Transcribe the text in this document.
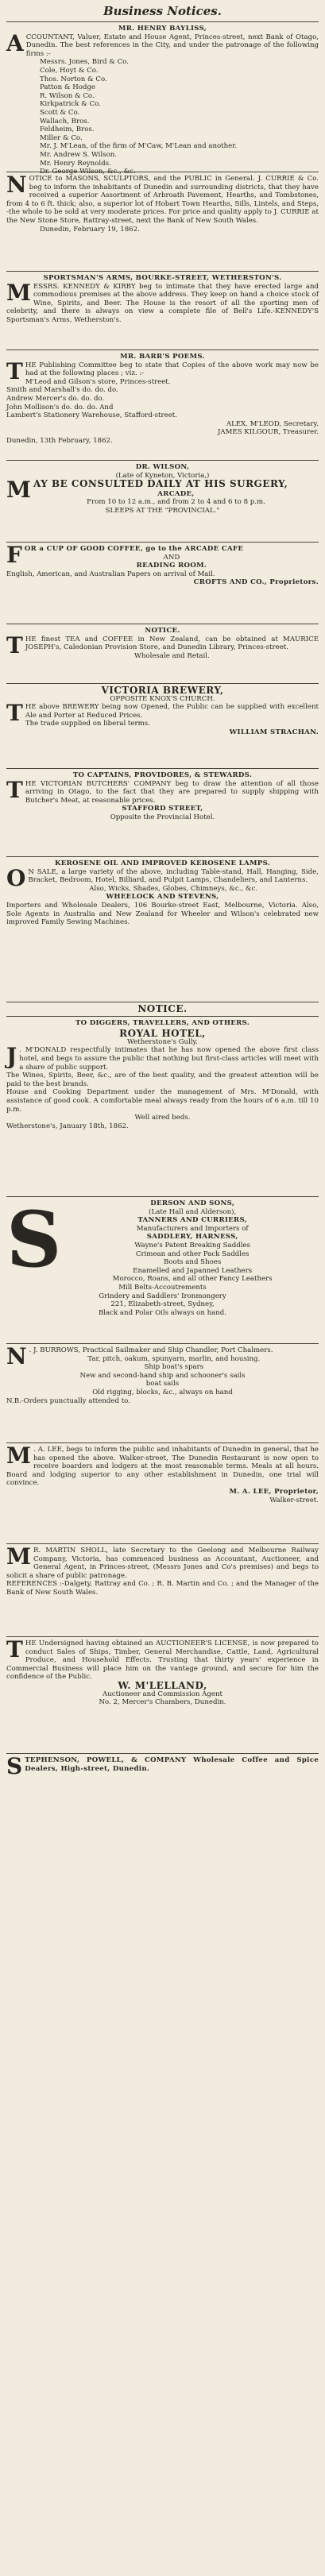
Business Notices.
MR. HENRY BAYLISS,
A CCOUNTANT, Valuer, Estate and House Agent, Princes-street, next Bank of Otago, Dunedin. The best references in the City, and under the patronage of the following firms :-
Messrs. Jones, Bird & Co.
Cole, Hoyt & Co.
Thos. Norton & Co.
Patton & Hodge
R. Wilson & Co.
Kirkpatrick & Co.
Scott & Co.
Wallach, Bros.
Feldheim, Bros.
Miller & Co.
Mr. J. M'Lean, of the firm of M'Caw, M'Lean and another.
Mr. Andrew S. Wilson.
Mr. Henry Reynolds.
Dr. George Wilson, &c., &c.
NOTICE to MASONS, SCULPTORS, and the PUBLIC in General. J. CURRIE & Co. beg to inform the inhabitants of Dunedin and surrounding districts, that they have received a superior Assortment of Arbroath Pavement, Hearths, and Tombstones, from 4 to 6 ft. thick; also, a superior lot of Hobart Town Hearths, Sills, Lintels, and Steps, -the whole to be sold at very moderate prices. For price and quality apply to J. CURRIE at the New Stone Store, Rattray-street, next the Bank of New South Wales.
Dunedin, February 19, 1862.
SPORTSMAN'S ARMS, BOURKE-STREET, WETHERSTON'S.
M ESSRS. KENNEDY & KIRBY beg to intimate that they have erected large and commodious premises at the above address. They keep on hand a choice stock of Wine, Spirits, and Beer. The House is the resort of all the sporting men of celebrity, and there is always on view a complete file of Bell's Life.-KENNEDY'S Sportsman's Arms, Wetherston's.
MR. BARR'S POEMS.
T HE Publishing Committee beg to state that Copies of the above work may now be had at the following places ; viz. :-
M'Leod and Gilson's store, Princes-street.
Smith and Marshall's do. do. do.
Andrew Mercer's do. do. do.
John Mollison's do. do. do. And
Lambert's Stationery Warehouse, Stafford-street.
ALEX. M'LEOD, Secretary.
JAMES KILGOUR, Treasurer.
Dunedin, 13th February, 1862.
DR. WILSON,
(Late of Kyneton, Victoria,)
M AY BE CONSULTED DAILY AT HIS SURGERY,
ARCADE,
From 10 to 12 a.m., and from 2 to 4 and 6 to 8 p.m.
SLEEPS AT THE "PROVINCIAL."
FOR a CUP OF GOOD COFFEE, go to the ARCADE CAFE
AND
READING ROOM.
English, American, and Australian Papers on arrival of Mail.
CROFTS AND CO., Proprietors.
NOTICE.
T HE finest TEA and COFFEE in New Zealand, can be obtained at MAURICE JOSEPH's, Caledonian Provision Store, and Dunedin Library, Princes-street.
Wholesale and Retail.
VICTORIA BREWERY,
OPPOSITE KNOX'S CHURCH.
T HE above BREWERY being now Opened, the Public can be supplied with excellent Ale and Porter at Reduced Prices.
The trade supplied on liberal terms.
WILLIAM STRACHAN.
TO CAPTAINS, PROVIDORES, & STEWARDS.
T HE VICTORIAN BUTCHERS' COMPANY beg to draw the attention of all those arriving in Otago, to the fact that they are prepared to supply shipping with Butcher's Meat, at reasonable prices.
STAFFORD STREET,
Opposite the Provincial Hotel.
KEROSENE OIL AND IMPROVED KEROSENE LAMPS.
O N SALE, a large variety of the above, including Table-stand, Hall, Hanging, Side, Bracket, Bedroom, Hotel, Billiard, and Pulpit Lamps, Chandeliers, and Lanterns.
Also, Wicks, Shades, Globes, Chimneys, &c., &c.
WHEELOCK AND STEVENS,
Importers and Wholesale Dealers, 106 Bourke-street East, Melbourne, Victoria. Also, Sole Agents in Australia and New Zealand for Wheeler and Wilson's celebrated new improved Family Sewing Machines.
NOTICE.
TO DIGGERS, TRAVELLERS, AND OTHERS.
ROYAL HOTEL,
Wetherstone's Gully.
J . M'DONALD respectfully intimates that he has now opened the above first class hotel, and begs to assure the public that nothing but first-class articles will meet with a share of public support.
The Wines, Spirits, Beer, &c., are of the best quality, and the greatest attention will be paid to the best brands.
House and Cooking Department under the management of Mrs. M'Donald, with assistance of good cook. A comfortable meal always ready from the hours of 6 a.m. till 10 p.m.
Well aired beds.
Wetherstone's, January 18th, 1862.
S	DERSON AND SONS,
(Late Hall and Alderson),
TANNERS AND CURRIERS,
Manufacturers and Importers of
SADDLERY, HARNESS,
Wayne's Patent Breaking Saddles
Crimean and other Pack Saddles
Boots and Shoes
Enamelled and Japanned Leathers
Morocco, Roans, and all other Fancy Leathers
Mill Belts-Accoutrements
Grindery and Saddlers' Ironmongery
221, Elizabeth-street, Sydney,
Black and Polar Oils always on hand.
N . J. BURROWS, Practical Sailmaker and Ship Chandler, Port Chalmers.
Tar, pitch, oakum, spunyarn, marlin, and housing.
Ship boat's spars
New and second-hand ship and schooner's sails
boat sails
Old rigging, blocks, &c., always on hand
N.B.-Orders punctually attended to.
M . A. LEE, begs to inform the public and inhabitants of Dunedin in general, that he has opened the above. Walker-street, The Dunedin Restaurant is now open to receive boarders and lodgers at the most reasonable terms. Meals at all hours. Board and lodging superior to any other establishment in Dunedin, one trial will convince.
M. A. LEE, Proprietor,
Walker-street.
M R. MARTIN SHOLL, late Secretary to the Geelong and Melbourne Railway Company, Victoria, has commenced business as Accountant, Auctioneer, and General Agent, in Princes-street, (Messrs Jones and Co's premises) and begs to solicit a share of public patronage.
REFERENCES :-Dalgety, Rattray and Co. ; R. B. Martin and Co. ; and the Manager of the Bank of New South Wales.
THE Undersigned having obtained an AUCTIONEER'S LICENSE, is now prepared to conduct Sales of Ships, Timber, General Merchandise, Cattle, Land, Agricultural Produce, and Household Effects. Trusting that thirty years' experience in Commercial Business will place him on the vantage ground, and secure for him the confidence of the Public.
W. M'LELLAND,
Auctioneer and Commission Agent
No. 2, Mercer's Chambers, Dunedin.
STEPHENSON, POWELL, & COMPANY Wholesale Coffee and Spice Dealers, High-street, Dunedin.
